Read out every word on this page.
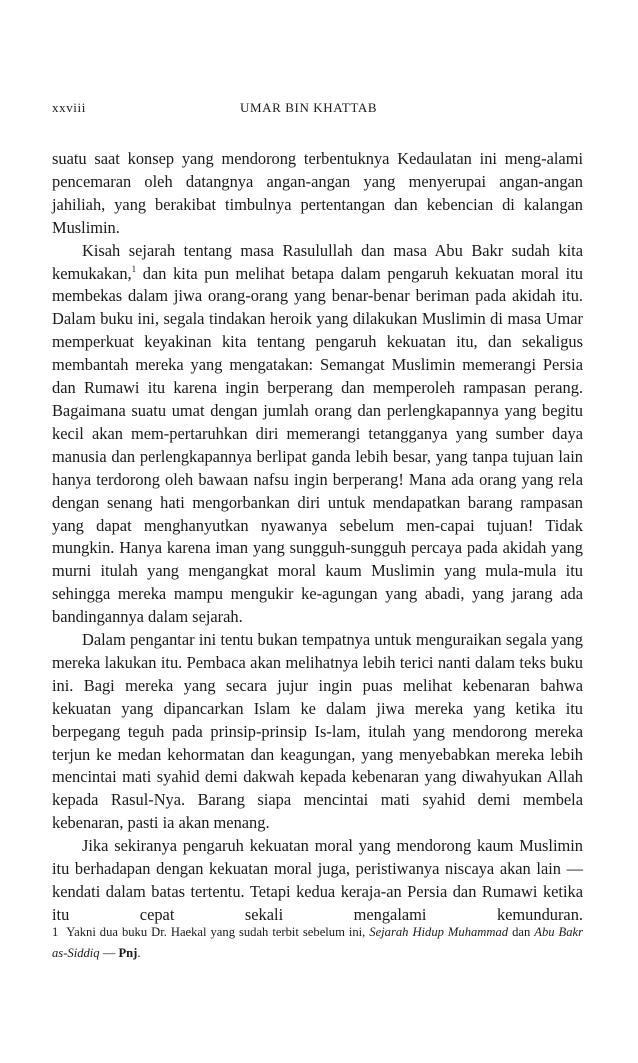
xxviii	UMAR BIN KHATTAB

suatu saat konsep yang mendorong terbentuknya Kedaulatan ini meng-alami pencemaran oleh datangnya angan-angan yang menyerupai angan-angan jahiliah, yang berakibat timbulnya pertentangan dan kebencian di kalangan Muslimin.

Kisah sejarah tentang masa Rasulullah dan masa Abu Bakr sudah kita kemukakan,$^1$ dan kita pun melihat betapa dalam pengaruh kekuatan moral itu membekas dalam jiwa orang-orang yang benar-benar beriman pada akidah itu. Dalam buku ini, segala tindakan heroik yang dilakukan Muslimin di masa Umar memperkuat keyakinan kita tentang pengaruh kekuatan itu, dan sekaligus membantah mereka yang mengatakan: Semangat Muslimin memerangi Persia dan Rumawi itu karena ingin berperang dan memperoleh rampasan perang. Bagaimana suatu umat dengan jumlah orang dan perlengkapannya yang begitu kecil akan mem-pertaruhkan diri memerangi tetangganya yang sumber daya manusia dan perlengkapannya berlipat ganda lebih besar, yang tanpa tujuan lain hanya terdorong oleh bawaan nafsu ingin berperang! Mana ada orang yang rela dengan senang hati mengorbankan diri untuk mendapatkan barang rampasan yang dapat menghanyutkan nyawanya sebelum men-capai tujuan! Tidak mungkin. Hanya karena iman yang sungguh-sungguh percaya pada akidah yang murni itulah yang mengangkat moral kaum Muslimin yang mula-mula itu sehingga mereka mampu mengukir ke-agungan yang abadi, yang jarang ada bandingannya dalam sejarah.

Dalam pengantar ini tentu bukan tempatnya untuk menguraikan segala yang mereka lakukan itu. Pembaca akan melihatnya lebih terici nanti dalam teks buku ini. Bagi mereka yang secara jujur ingin puas melihat kebenaran bahwa kekuatan yang dipancarkan Islam ke dalam jiwa mereka yang ketika itu berpegang teguh pada prinsip-prinsip Is-lam, itulah yang mendorong mereka terjun ke medan kehormatan dan keagungan, yang menyebabkan mereka lebih mencintai mati syahid demi dakwah kepada kebenaran yang diwahyukan Allah kepada Rasul-Nya. Barang siapa mencintai mati syahid demi membela kebenaran, pasti ia akan menang.

Jika sekiranya pengaruh kekuatan moral yang mendorong kaum Muslimin itu berhadapan dengan kekuatan moral juga, peristiwanya niscaya akan lain — kendati dalam batas tertentu. Tetapi kedua keraja-an Persia dan Rumawi ketika itu cepat sekali mengalami kemunduran.

1 Yakni dua buku Dr. Haekal yang sudah terbit sebelum ini, Sejarah Hidup Muhammad dan Abu Bakr as-Siddiq — Pnj.
